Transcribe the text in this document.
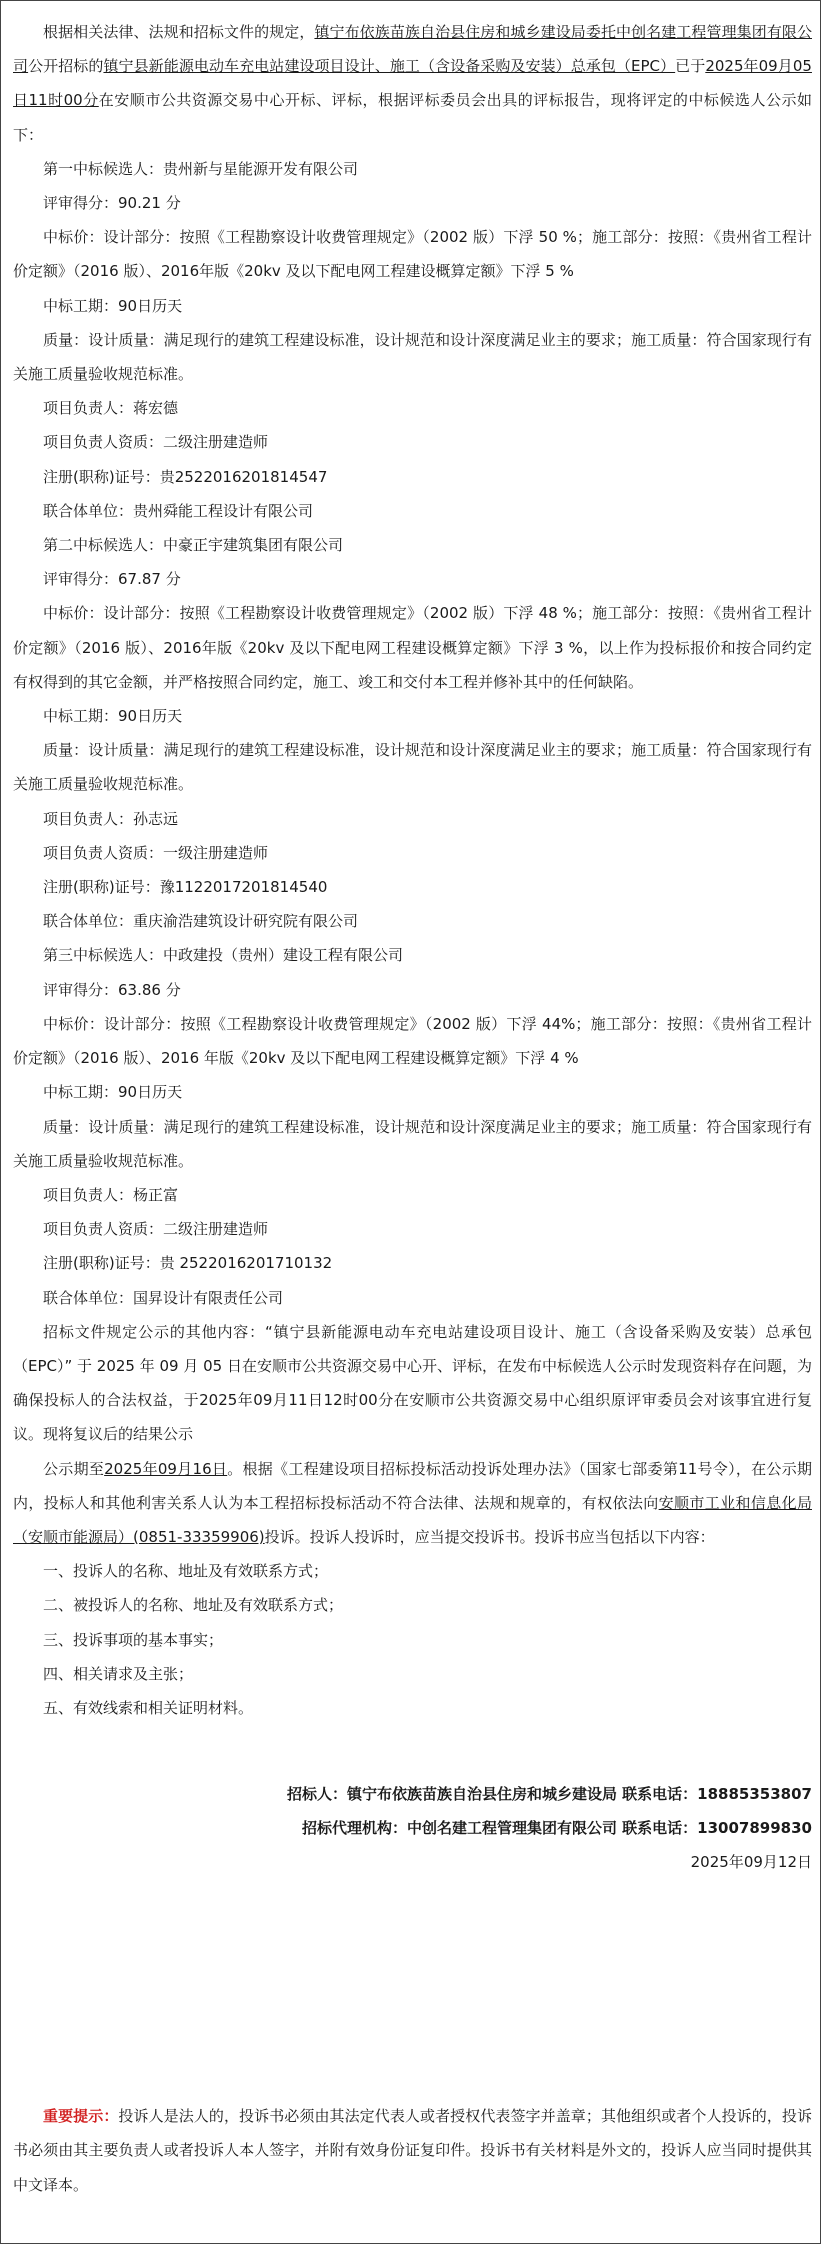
根据相关法律、法规和招标文件的规定，镇宁布依族苗族自治县住房和城乡建设局委托中创名建工程管理集团有限公司公开招标的镇宁县新能源电动车充电站建设项目设计、施工（含设备采购及安装）总承包（EPC）已于2025年09月05日11时00分在安顺市公共资源交易中心开标、评标，根据评标委员会出具的评标报告，现将评定的中标候选人公示如下：

第一中标候选人：贵州新与星能源开发有限公司

评审得分：90.21 分

中标价：设计部分：按照《工程勘察设计收费管理规定》（2002 版）下浮 50 %；施工部分：按照：《贵州省工程计价定额》（2016 版）、2016年版《20kv 及以下配电网工程建设概算定额》下浮 5 %

中标工期：90日历天

质量：设计质量：满足现行的建筑工程建设标准，设计规范和设计深度满足业主的要求；施工质量：符合国家现行有关施工质量验收规范标准。

项目负责人：蒋宏德

项目负责人资质：二级注册建造师

注册(职称)证号：贵2522016201814547

联合体单位：贵州舜能工程设计有限公司

第二中标候选人：中豪正宇建筑集团有限公司

评审得分：67.87 分

中标价：设计部分：按照《工程勘察设计收费管理规定》（2002 版）下浮 48 %；施工部分：按照：《贵州省工程计价定额》（2016 版）、2016年版《20kv 及以下配电网工程建设概算定额》下浮 3 %，以上作为投标报价和按合同约定有权得到的其它金额，并严格按照合同约定，施工、竣工和交付本工程并修补其中的任何缺陷。

中标工期：90日历天

质量：设计质量：满足现行的建筑工程建设标准，设计规范和设计深度满足业主的要求；施工质量：符合国家现行有关施工质量验收规范标准。

项目负责人：孙志远

项目负责人资质：一级注册建造师

注册(职称)证号：豫1122017201814540

联合体单位：重庆渝浩建筑设计研究院有限公司

第三中标候选人：中政建投（贵州）建设工程有限公司

评审得分：63.86 分

中标价：设计部分：按照《工程勘察设计收费管理规定》（2002 版）下浮 44%；施工部分：按照：《贵州省工程计价定额》（2016 版）、2016 年版《20kv 及以下配电网工程建设概算定额》下浮 4 %

中标工期：90日历天

质量：设计质量：满足现行的建筑工程建设标准，设计规范和设计深度满足业主的要求；施工质量：符合国家现行有关施工质量验收规范标准。

项目负责人：杨正富

项目负责人资质：二级注册建造师

注册(职称)证号：贵 2522016201710132

联合体单位：国昇设计有限责任公司

招标文件规定公示的其他内容：“镇宁县新能源电动车充电站建设项目设计、施工（含设备采购及安装）总承包（EPC）” 于 2025 年 09 月 05 日在安顺市公共资源交易中心开、评标，在发布中标候选人公示时发现资料存在问题，为确保投标人的合法权益，于2025年09月11日12时00分在安顺市公共资源交易中心组织原评审委员会对该事宜进行复议。现将复议后的结果公示

公示期至2025年09月16日。根据《工程建设项目招标投标活动投诉处理办法》（国家七部委第11号令），在公示期内，投标人和其他利害关系人认为本工程招标投标活动不符合法律、法规和规章的，有权依法向安顺市工业和信息化局（安顺市能源局）(0851-33359906)投诉。投诉人投诉时，应当提交投诉书。投诉书应当包括以下内容：

一、投诉人的名称、地址及有效联系方式；

二、被投诉人的名称、地址及有效联系方式；

三、投诉事项的基本事实；

四、相关请求及主张；

五、有效线索和相关证明材料。

招标人：镇宁布依族苗族自治县住房和城乡建设局 联系电话：18885353807

招标代理机构：中创名建工程管理集团有限公司 联系电话：13007899830

2025年09月12日

重要提示：投诉人是法人的，投诉书必须由其法定代表人或者授权代表签字并盖章；其他组织或者个人投诉的，投诉书必须由其主要负责人或者投诉人本人签字，并附有效身份证复印件。投诉书有关材料是外文的，投诉人应当同时提供其中文译本。
